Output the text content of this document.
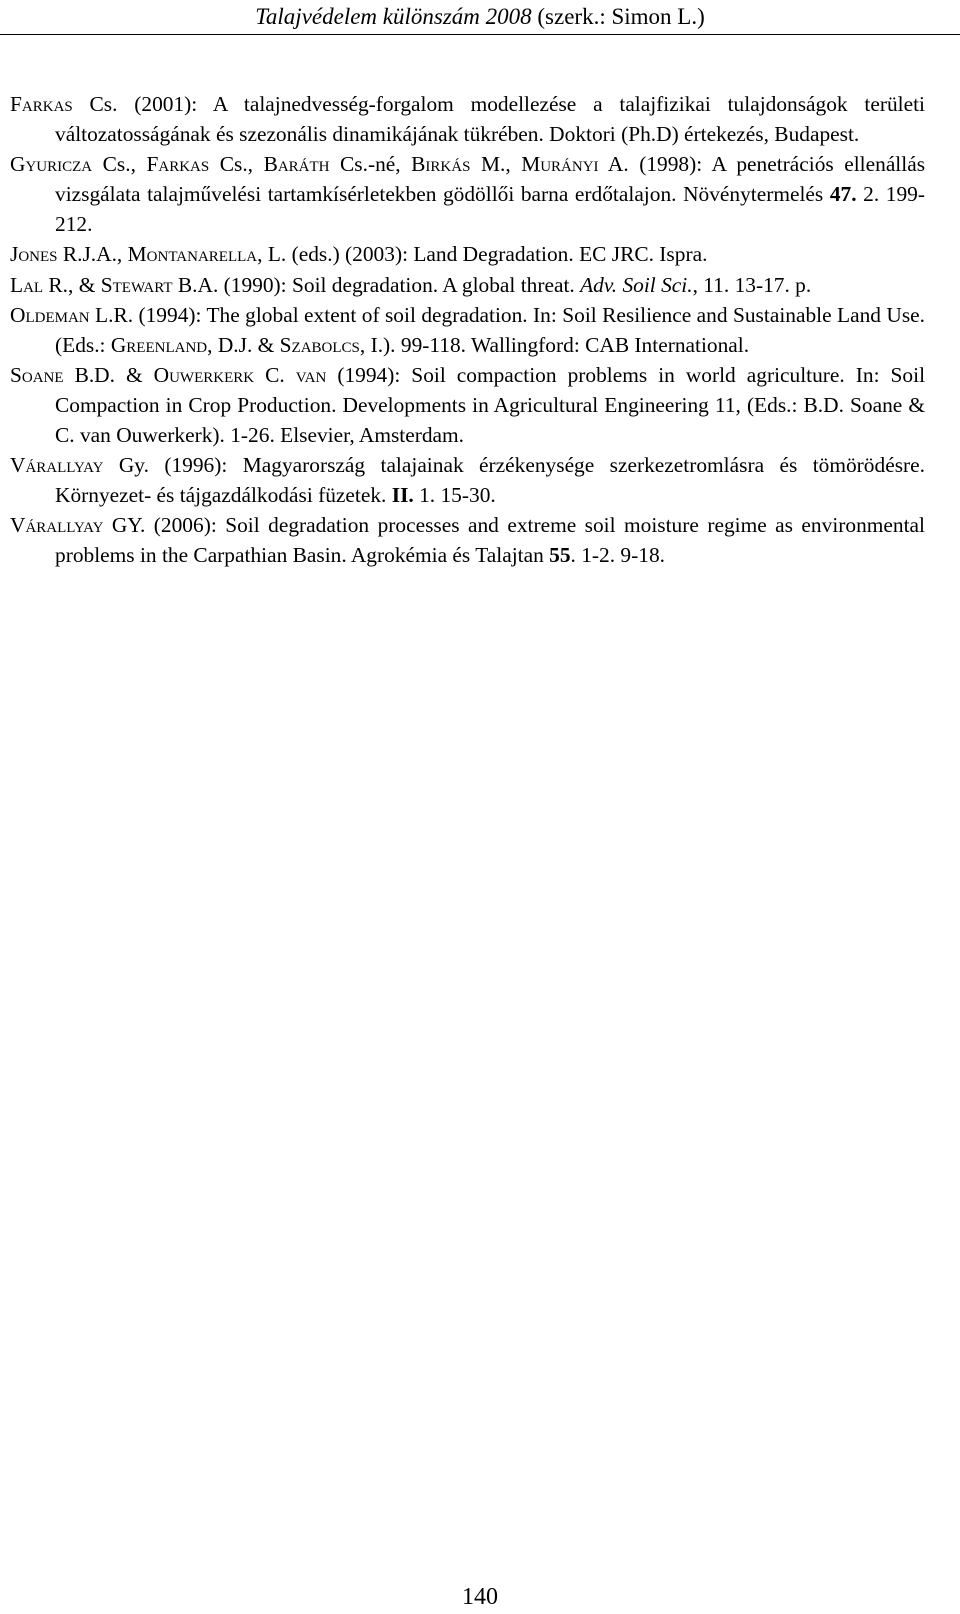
Talajvédelem különszám 2008 (szerk.: Simon L.)

Farkas Cs. (2001): A talajnedvesség-forgalom modellezése a talajfizikai tulajdonságok területi változatosságának és szezonális dinamikájának tükrében. Doktori (Ph.D) értekezés, Budapest.

Gyuricza Cs., Farkas Cs., Baráth Cs.-né, Birkás M., Murányi A. (1998): A penetrációs ellenállás vizsgálata talajművelési tartamkísérletekben gödöllői barna erdőtalajon. Növénytermelés 47. 2. 199-212.

Jones R.J.A., Montanarella, L. (eds.) (2003): Land Degradation. EC JRC. Ispra.

Lal R., & Stewart B.A. (1990): Soil degradation. A global threat. Adv. Soil Sci., 11. 13-17. p.

Oldeman L.R. (1994): The global extent of soil degradation. In: Soil Resilience and Sustainable Land Use. (Eds.: Greenland, D.J. & Szabolcs, I.). 99-118. Wallingford: CAB International.

Soane B.D. & Ouwerkerk C. van (1994): Soil compaction problems in world agriculture. In: Soil Compaction in Crop Production. Developments in Agricultural Engineering 11, (Eds.: B.D. Soane & C. van Ouwerkerk). 1-26. Elsevier, Amsterdam.

Várallyay Gy. (1996): Magyarország talajainak érzékenysége szerkezetromlásra és tömörödésre. Környezet- és tájgazdálkodási füzetek. II. 1. 15-30.

Várallyay GY. (2006): Soil degradation processes and extreme soil moisture regime as environmental problems in the Carpathian Basin. Agrokémia és Talajtan 55. 1-2. 9-18.

140
